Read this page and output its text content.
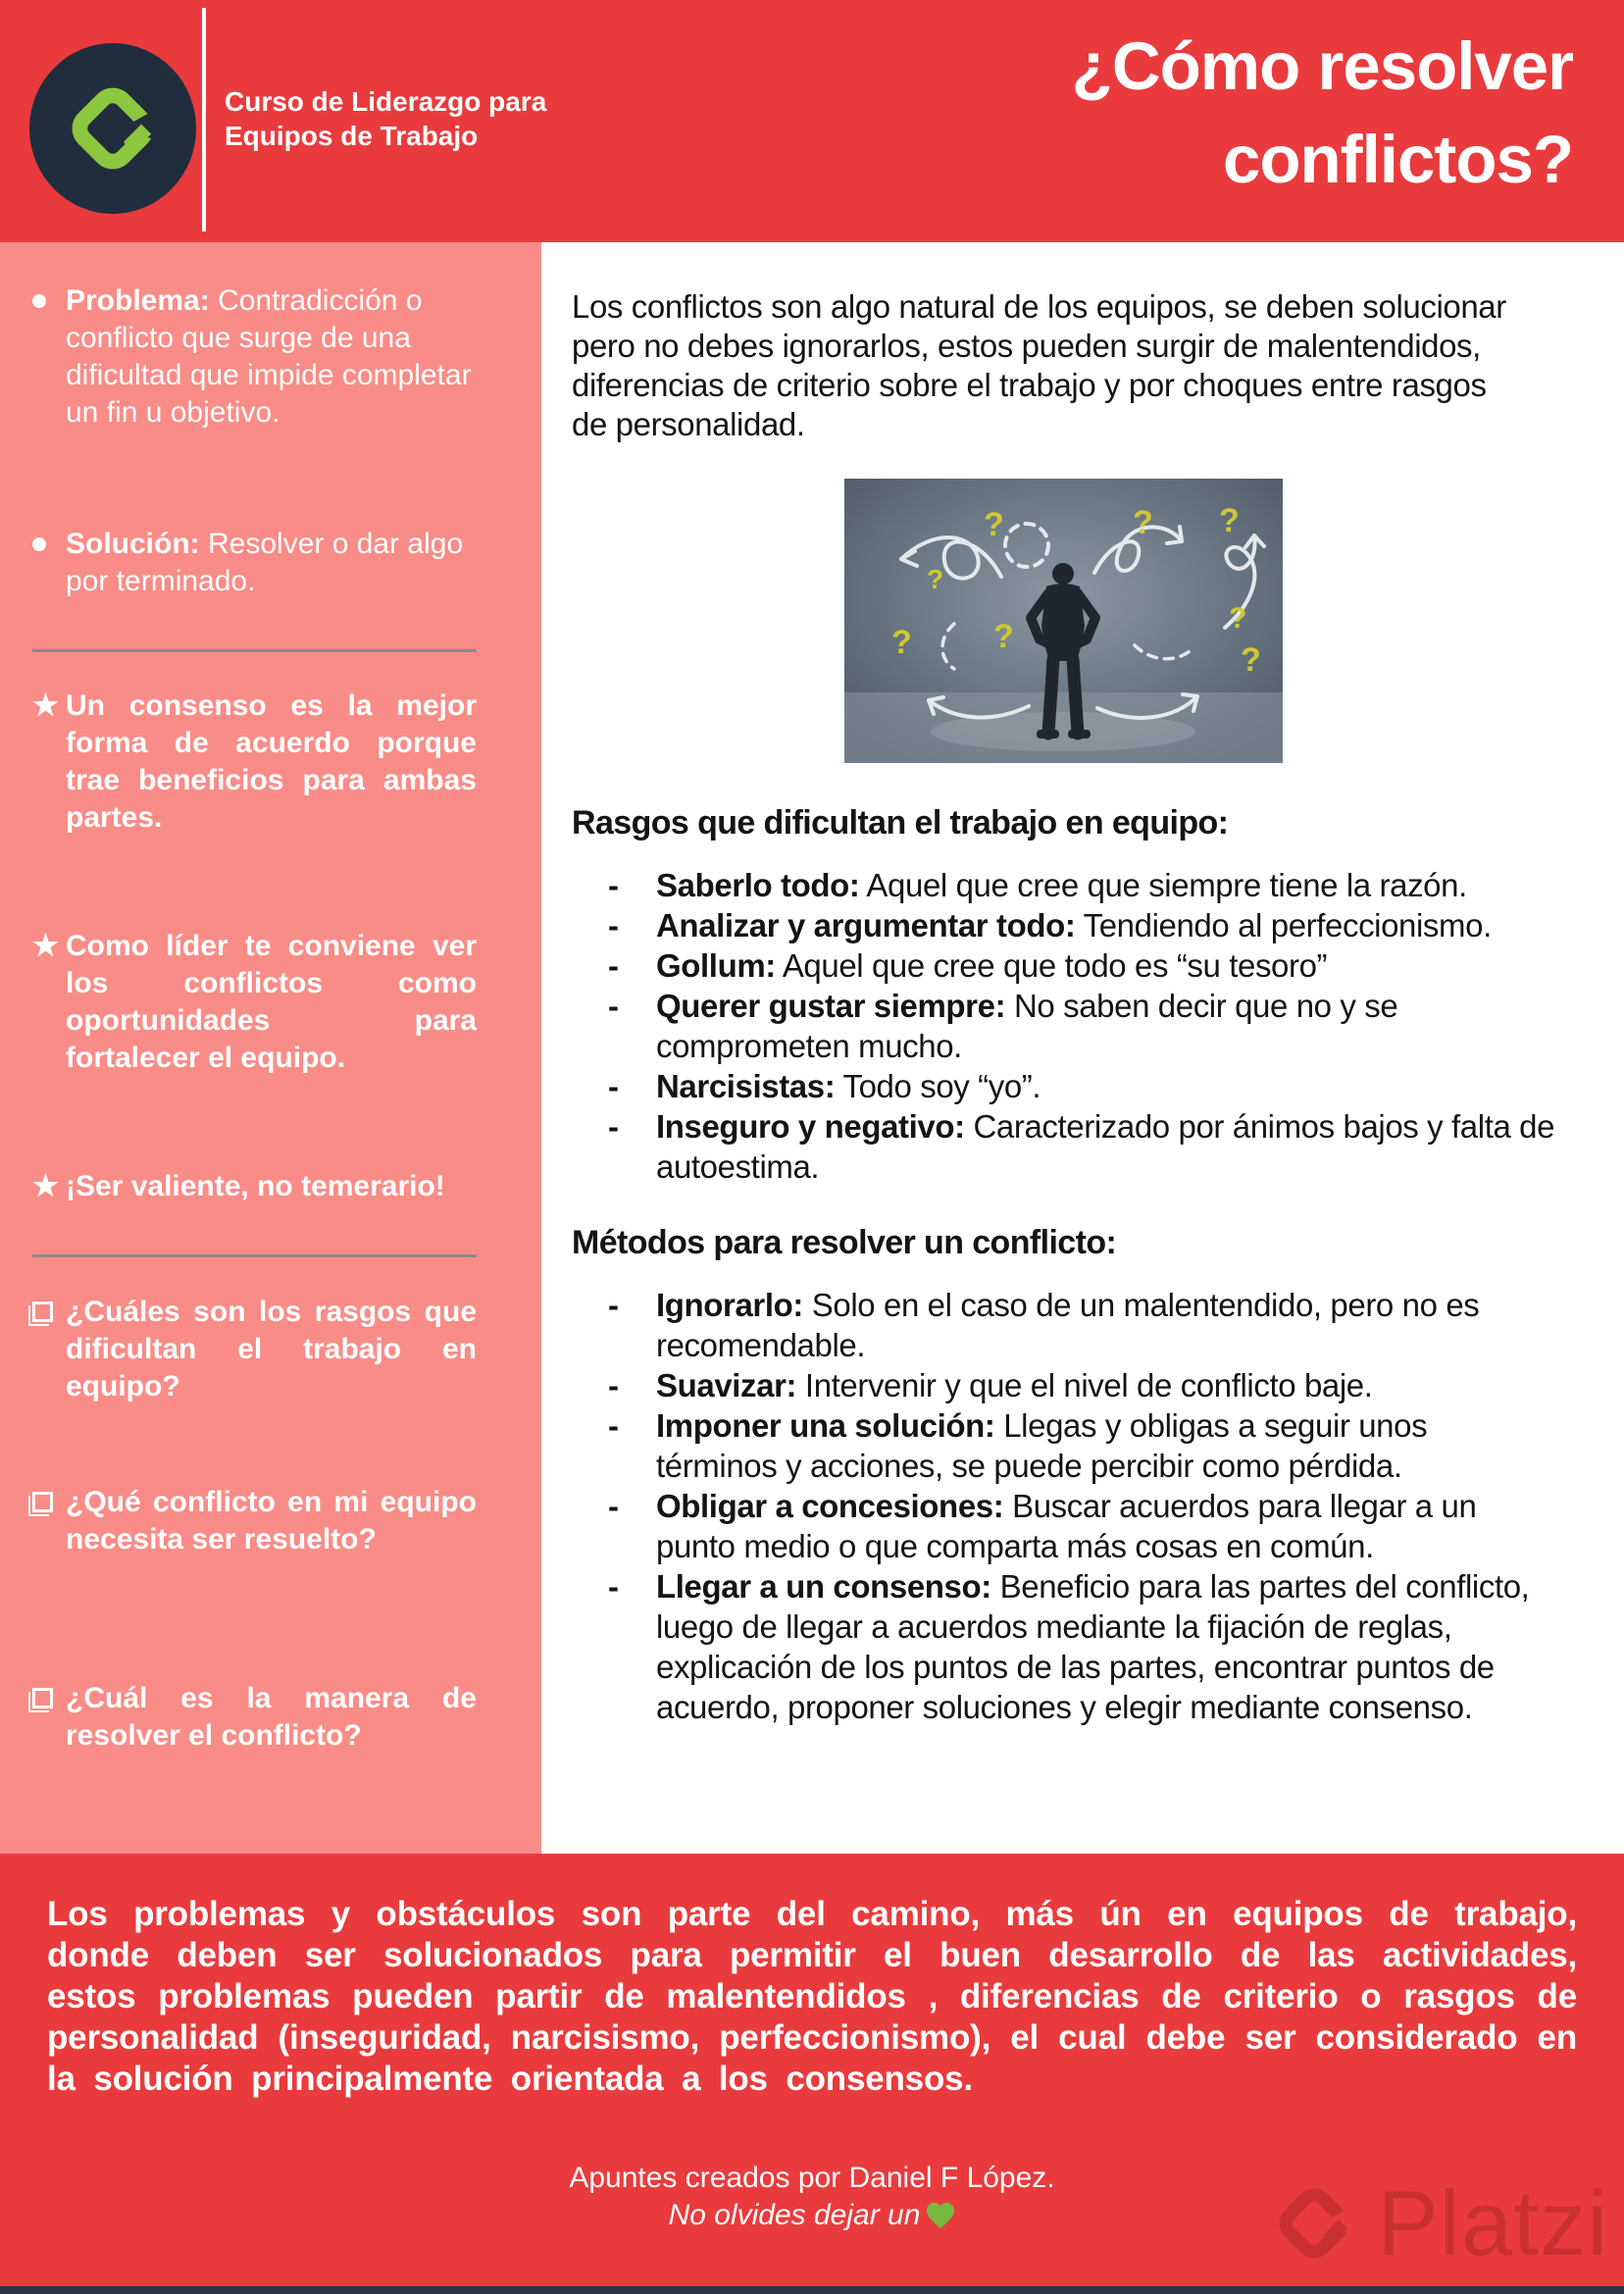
Curso de Liderazgo para Equipos de Trabajo
¿Cómo resolver conflictos?
Problema: Contradicción o conflicto que surge de una dificultad que impide completar un fin u objetivo.
Solución: Resolver o dar algo por terminado.
★ Un consenso es la mejor forma de acuerdo porque trae beneficios para ambas partes.
★ Como líder te conviene ver los conflictos como oportunidades para fortalecer el equipo.
★ ¡Ser valiente, no temerario!
¿Cuáles son los rasgos que dificultan el trabajo en equipo?
¿Qué conflicto en mi equipo necesita ser resuelto?
¿Cuál es la manera de resolver el conflicto?

Los conflictos son algo natural de los equipos, se deben solucionar pero no debes ignorarlos, estos pueden surgir de malentendidos, diferencias de criterio sobre el trabajo y por choques entre rasgos de personalidad.

?
?
? ?
? ?
?
?
Rasgos que dificultan el trabajo en equipo:
-	Saberlo todo: Aquel que cree que siempre tiene la razón.
-	Analizar y argumentar todo: Tendiendo al perfeccionismo.
-	Gollum: Aquel que cree que todo es “su tesoro”
-	Querer gustar siempre: No saben decir que no y se comprometen mucho.
-	Narcisistas: Todo soy “yo”.
-	Inseguro y negativo: Caracterizado por ánimos bajos y falta de autoestima.
Métodos para resolver un conflicto:
-	Ignorarlo: Solo en el caso de un malentendido, pero no es recomendable.
-	Suavizar: Intervenir y que el nivel de conflicto baje.
-	Imponer una solución: Llegas y obligas a seguir unos términos y acciones, se puede percibir como pérdida.
-	Obligar a concesiones: Buscar acuerdos para llegar a un punto medio o que comparta más cosas en común.
-	Llegar a un consenso: Beneficio para las partes del conflicto, luego de llegar a acuerdos mediante la fijación de reglas, explicación de los puntos de las partes, encontrar puntos de acuerdo, proponer soluciones y elegir mediante consenso.

Los problemas y obstáculos son parte del camino, más ún en equipos de trabajo, donde deben ser solucionados para permitir el buen desarrollo de las actividades, estos problemas pueden partir de malentendidos , diferencias de criterio o rasgos de personalidad (inseguridad, narcisismo, perfeccionismo), el cual debe ser considerado en la solución principalmente orientada a los consensos.

Apuntes creados por Daniel F López.

No olvides dejar un	Platzi
